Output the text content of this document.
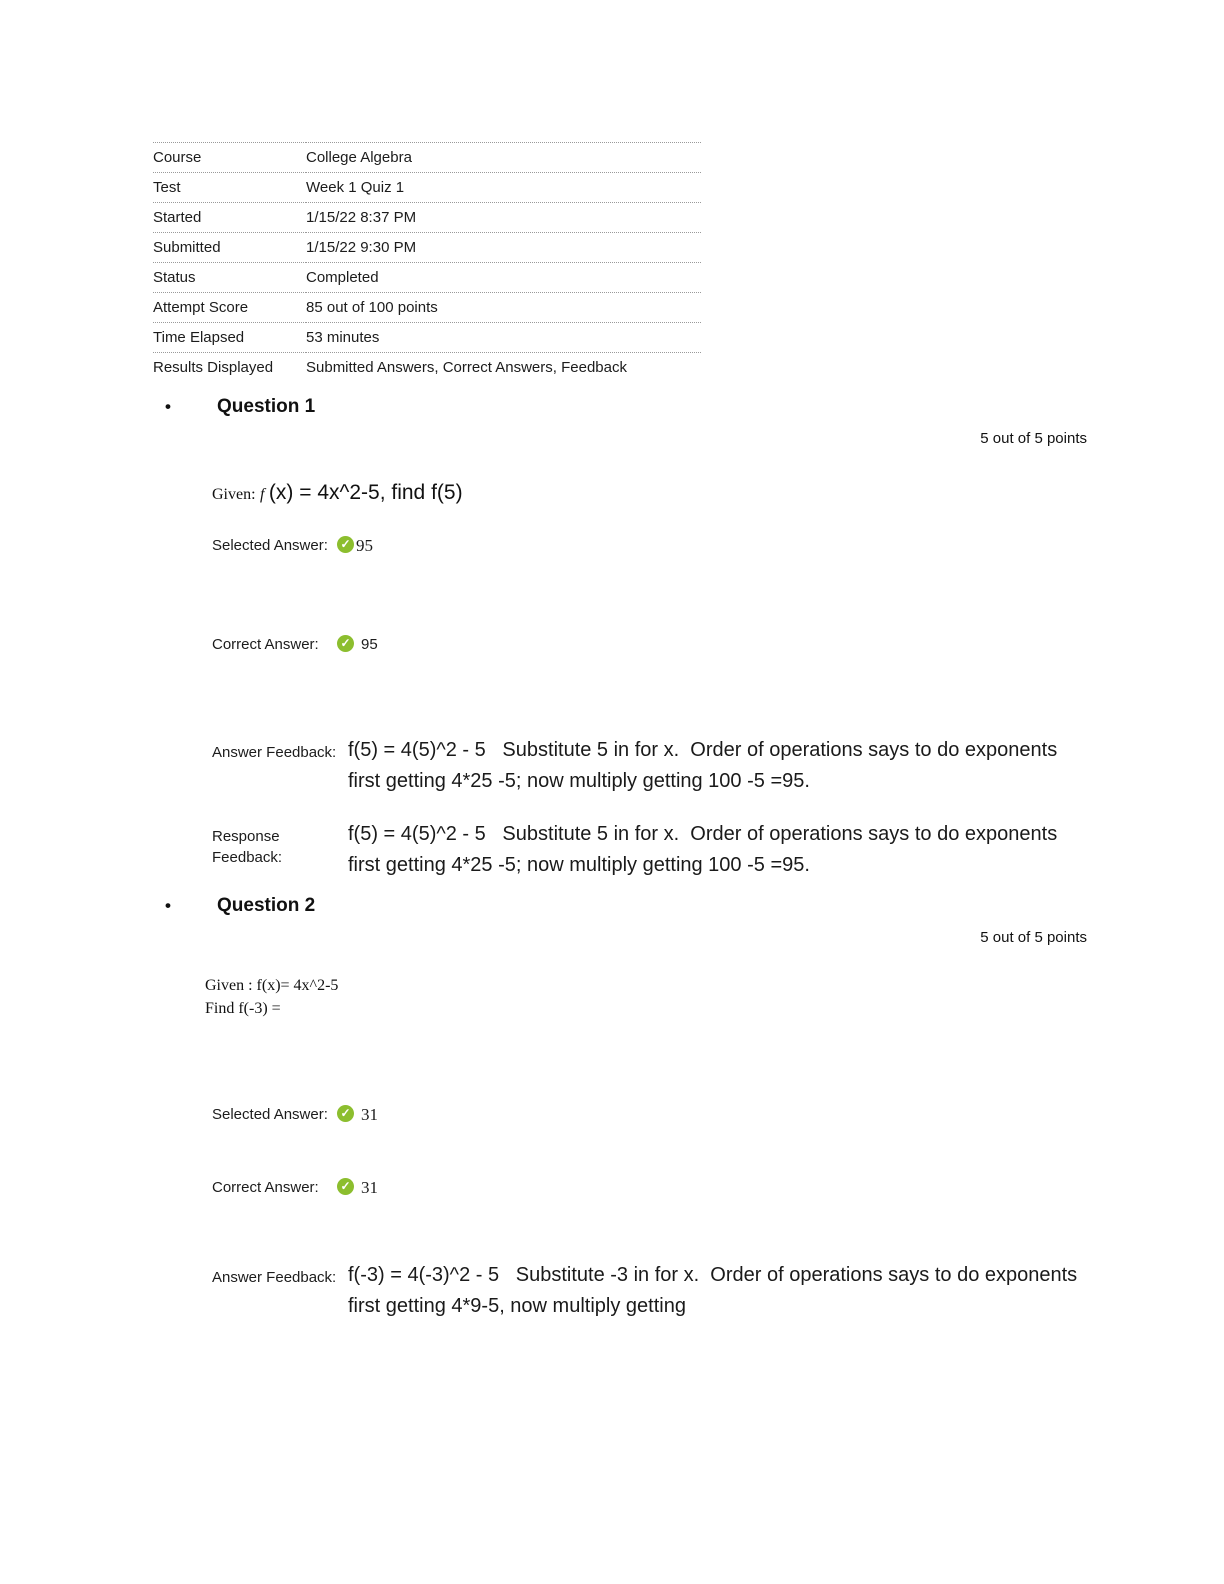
Course	College Algebra
Test	Week 1 Quiz 1
Started	1/15/22 8:37 PM
Submitted	1/15/22 9:30 PM
Status	Completed
Attempt Score	85 out of 100 points
Time Elapsed	53 minutes
Results Displayed	Submitted Answers, Correct Answers, Feedback
•	Question 1
5 out of 5 points
Given: f (x) = 4x^2-5, find f(5)
Selected Answer:	✓ 95
Correct Answer:	✓ 95
Answer Feedback: f(5) = 4(5)^2 - 5   Substitute 5 in for x.  Order of operations says to do exponents first getting 4*25 -5; now multiply getting 100 -5 =95.
Response Feedback:
f(5) = 4(5)^2 - 5   Substitute 5 in for x.  Order of operations says to do exponents first getting 4*25 -5; now multiply getting 100 -5 =95.
•	Question 2
5 out of 5 points
Given : f(x)= 4x^2-5
Find f(-3) =
Selected Answer:	✓ 31
Correct Answer:	✓ 31
Answer Feedback: f(-3) = 4(-3)^2 - 5   Substitute -3 in for x.  Order of operations says to do exponents first getting 4*9-5, now multiply getting
